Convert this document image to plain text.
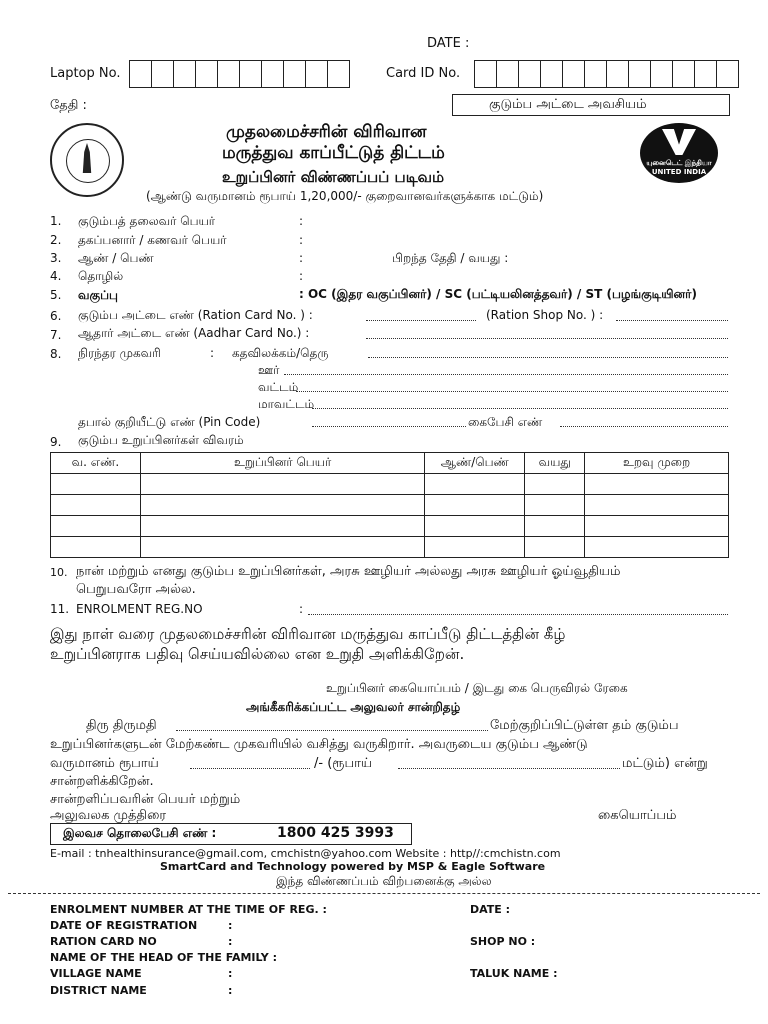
DATE :
Laptop No.	Card ID No.
தேதி :	குடும்ப அட்டை அவசியம்
யுனைடெட் இந்தியா
UNITED INDIA
முதலமைச்சரின் விரிவான
மருத்துவ காப்பீட்டுத் திட்டம்
உறுப்பினர் விண்ணப்பப் படிவம்
(ஆண்டு வருமானம் ரூபாய் 1,20,000/- குறைவானவர்களுக்காக மட்டும்)
1. குடும்பத் தலைவர் பெயர்	:
2. தகப்பனார் / கணவர் பெயர்	:
3. ஆண் / பெண்	:	பிறந்த தேதி / வயது :
4. தொழில்	:
5. வகுப்பு	: OC (இதர வகுப்பினர்) / SC (பட்டியலினத்தவர்) / ST (பழங்குடியினர்)
6. குடும்ப அட்டை எண் (Ration Card No. ) :	(Ration Shop No. ) :
7. ஆதார் அட்டை எண் (Aadhar Card No.) :
8. நிரந்தர முகவரி	: கதவிலக்கம்/தெரு
ஊர்
வட்டம்
மாவட்டம்
தபால் குறியீட்டு எண் (Pin Code)	கைபேசி எண்
9. குடும்ப உறுப்பினர்கள் விவரம்
வ. எண்.	உறுப்பினர் பெயர்	ஆண்/பெண்	வயது	உறவு முறை

10. நான் மற்றும் எனது குடும்ப உறுப்பினர்கள், அரசு ஊழியர் அல்லது அரசு ஊழியர் ஓய்வூதியம்
பெறுபவரோ அல்ல.
11. ENROLMENT REG.NO	:
இது நாள் வரை முதலமைச்சரின் விரிவான மருத்துவ காப்பீடு திட்டத்தின் கீழ்
உறுப்பினராக பதிவு செய்யவில்லை என உறுதி அளிக்கிறேன்.
உறுப்பினர் கையொப்பம் / இடது கை பெருவிரல் ரேகை
அங்கீகரிக்கப்பட்ட அலுவலர் சான்றிதழ்
திரு திருமதி	மேற்குறிப்பிட்டுள்ள தம் குடும்ப
உறுப்பினர்களுடன் மேற்கண்ட முகவரியில் வசித்து வருகிறார். அவருடைய குடும்ப ஆண்டு
வருமானம் ரூபாய்	/- (ரூபாய்	மட்டும்) என்று
சான்றளிக்கிறேன்.
சான்றளிப்பவரின் பெயர் மற்றும்
அலுவலக முத்திரை	கையொப்பம்
இலவச தொலைபேசி எண் :	1800 425 3993
E-mail : tnhealthinsurance@gmail.com, cmchistn@yahoo.com Website : http//:cmchistn.com
SmartCard and Technology powered by MSP & Eagle Software
இந்த விண்ணப்பம் விற்பனைக்கு அல்ல
ENROLMENT NUMBER AT THE TIME OF REG. :	DATE :
DATE OF REGISTRATION	:
RATION CARD NO	:	SHOP NO :
NAME OF THE HEAD OF THE FAMILY :
VILLAGE NAME	:	TALUK NAME :
DISTRICT NAME	:
